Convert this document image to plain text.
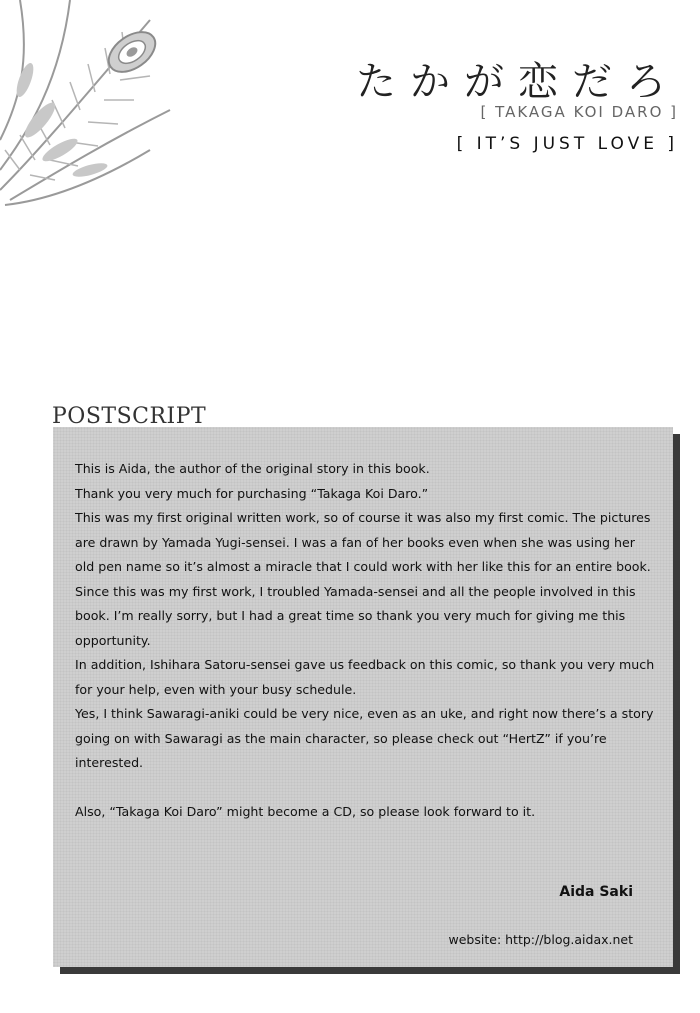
たかが恋だろ
[ TAKAGA KOI DARO ]
[ IT’S JUST LOVE ]
POSTSCRIPT

This is Aida, the author of the original story in this book.

Thank you very much for purchasing “Takaga Koi Daro.”

This was my first original written work, so of course it was also my first comic. The pictures are drawn by Yamada Yugi-sensei. I was a fan of her books even when she was using her old pen name so it’s almost a miracle that I could work with her like this for an entire book. Since this was my first work, I troubled Yamada-sensei and all the people involved in this book. I’m really sorry, but I had a great time so thank you very much for giving me this opportunity.

In addition, Ishihara Satoru-sensei gave us feedback on this comic, so thank you very much for your help, even with your busy schedule.

Yes, I think Sawaragi-aniki could be very nice, even as an uke, and right now there’s a story going on with Sawaragi as the main character, so please check out “HertZ” if you’re interested.

Also, “Takaga Koi Daro” might become a CD, so please look forward to it.

Aida Saki
website: http://blog.aidax.net
